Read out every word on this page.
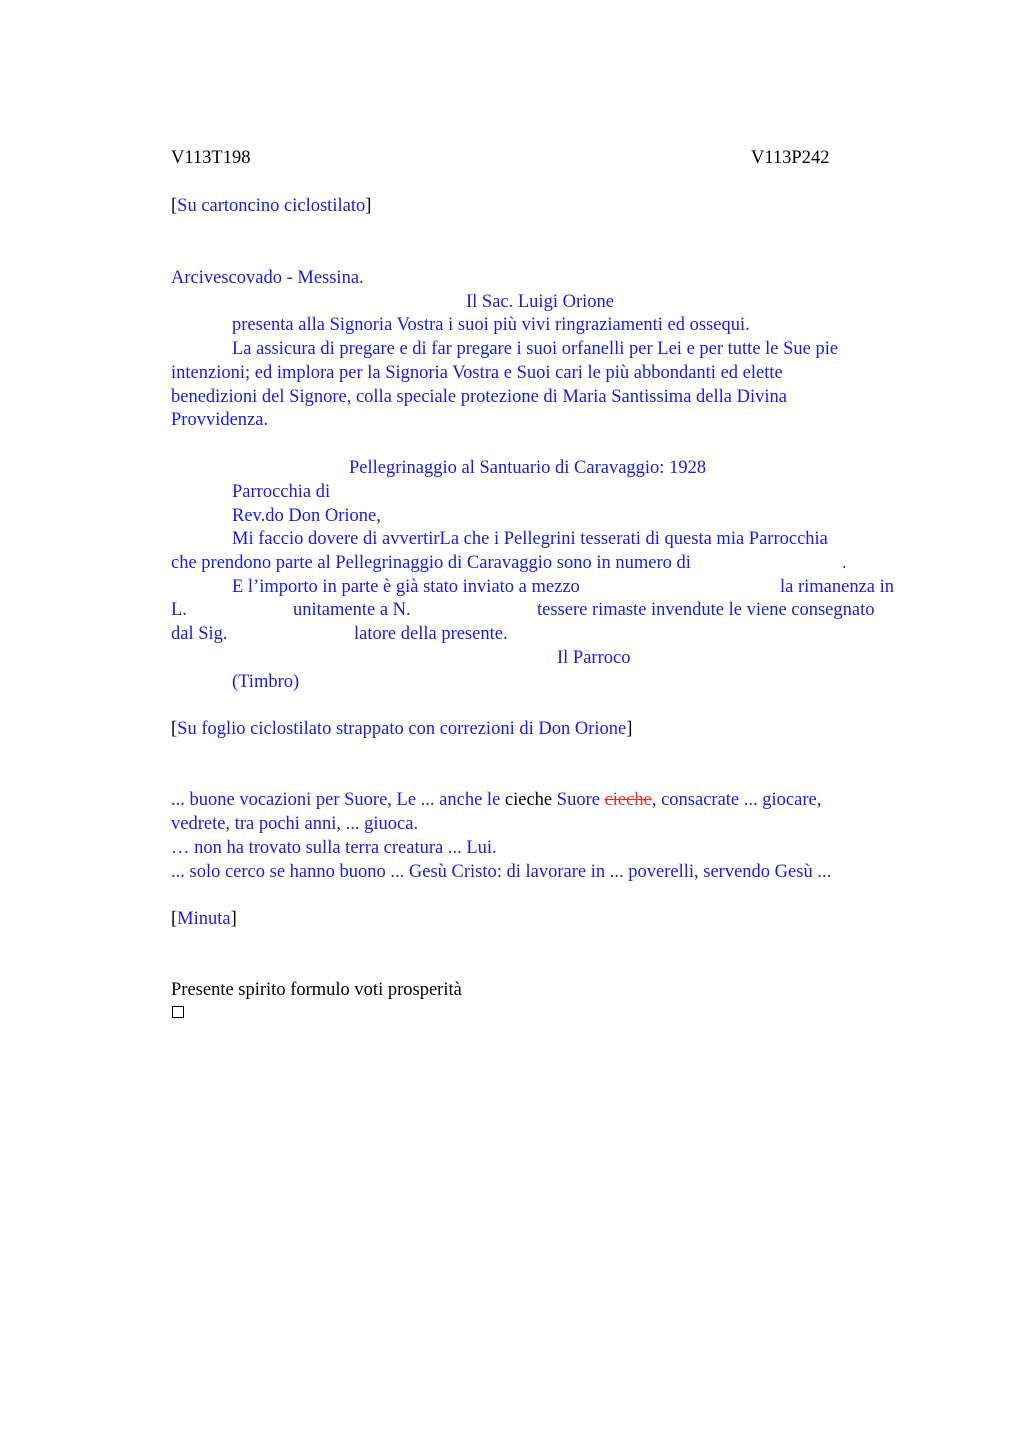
V113T198	V113P242
[Su cartoncino ciclostilato]
Arcivescovado - Messina.
Il Sac. Luigi Orione
presenta alla Signoria Vostra i suoi più vivi ringraziamenti ed ossequi.
La assicura di pregare e di far pregare i suoi orfanelli per Lei e per tutte le Sue pie
intenzioni; ed implora per la Signoria Vostra e Suoi cari le più abbondanti ed elette
benedizioni del Signore, colla speciale protezione di Maria Santissima della Divina
Provvidenza.
Pellegrinaggio al Santuario di Caravaggio: 1928
Parrocchia di
Rev.do Don Orione,
Mi faccio dovere di avvertirLa che i Pellegrini tesserati di questa mia Parrocchia
che prendono parte al Pellegrinaggio di Caravaggio sono in numero di	.
E l’importo in parte è già stato inviato a mezzo	la rimanenza in
L.	unitamente a N.	tessere rimaste invendute le viene consegnato
dal Sig.	latore della presente.
Il Parroco
(Timbro)
[Su foglio ciclostilato strappato con correzioni di Don Orione]
... buone vocazioni per Suore, Le ... anche le cieche Suore cieche, consacrate ... giocare,
vedrete, tra pochi anni, ... giuoca.
… non ha trovato sulla terra creatura ... Lui.
... solo cerco se hanno buono ... Gesù Cristo: di lavorare in ... poverelli, servendo Gesù ...
[Minuta]
Presente spirito formulo voti prosperità
